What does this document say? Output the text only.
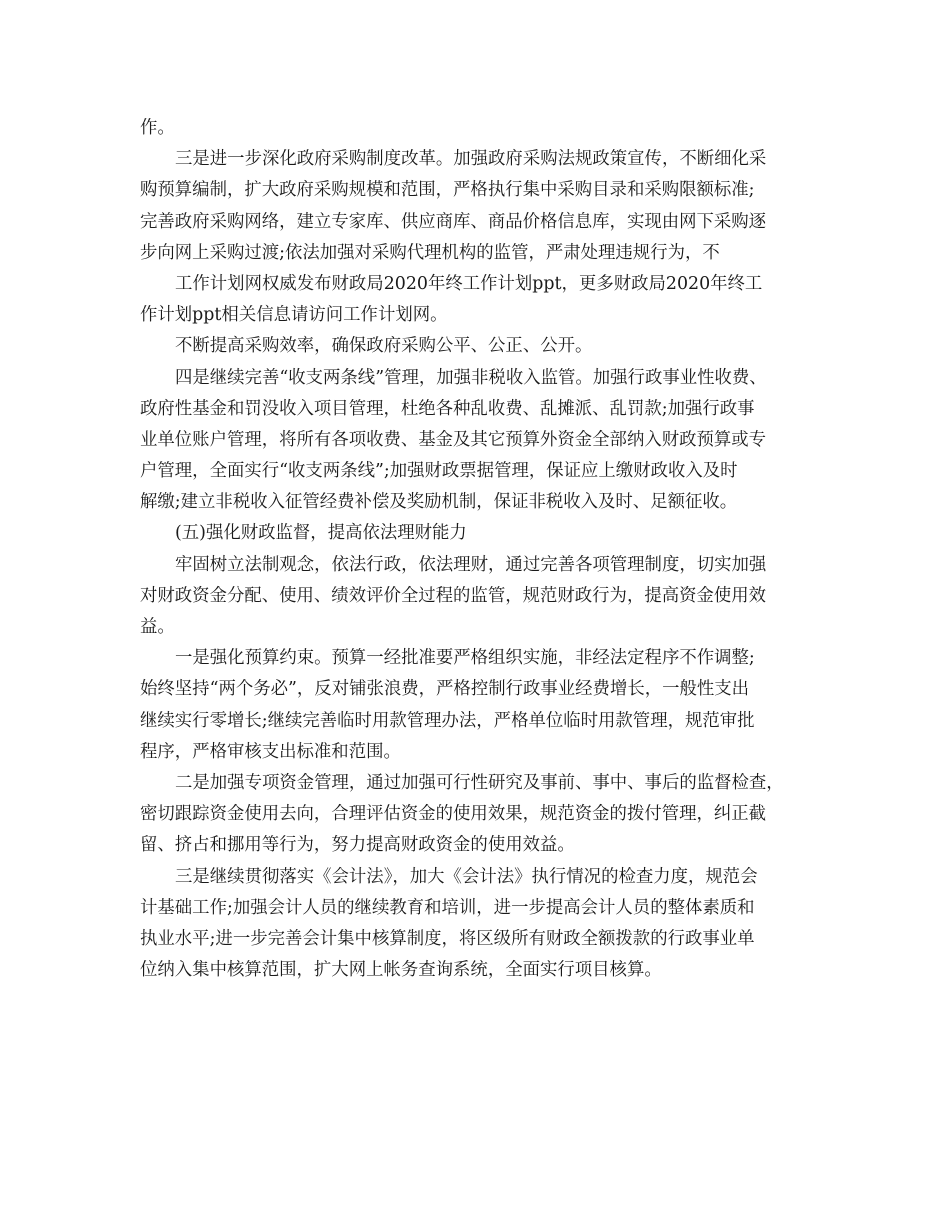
作。
三是进一步深化政府采购制度改革。加强政府采购法规政策宣传，不断细化采
购预算编制，扩大政府采购规模和范围，严格执行集中采购目录和采购限额标准;
完善政府采购网络，建立专家库、供应商库、商品价格信息库，实现由网下采购逐
步向网上采购过渡;依法加强对采购代理机构的监管，严肃处理违规行为，不
工作计划网权威发布财政局2020年终工作计划ppt，更多财政局2020年终工
作计划ppt相关信息请访问工作计划网。
不断提高采购效率，确保政府采购公平、公正、公开。
四是继续完善“收支两条线”管理，加强非税收入监管。加强行政事业性收费、
政府性基金和罚没收入项目管理，杜绝各种乱收费、乱摊派、乱罚款;加强行政事
业单位账户管理，将所有各项收费、基金及其它预算外资金全部纳入财政预算或专
户管理，全面实行“收支两条线”;加强财政票据管理，保证应上缴财政收入及时
解缴;建立非税收入征管经费补偿及奖励机制，保证非税收入及时、足额征收。
(五)强化财政监督，提高依法理财能力
牢固树立法制观念，依法行政，依法理财，通过完善各项管理制度，切实加强
对财政资金分配、使用、绩效评价全过程的监管，规范财政行为，提高资金使用效
益。
一是强化预算约束。预算一经批准要严格组织实施，非经法定程序不作调整;
始终坚持“两个务必”，反对铺张浪费，严格控制行政事业经费增长，一般性支出
继续实行零增长;继续完善临时用款管理办法，严格单位临时用款管理，规范审批
程序，严格审核支出标准和范围。
二是加强专项资金管理，通过加强可行性研究及事前、事中、事后的监督检查，
密切跟踪资金使用去向，合理评估资金的使用效果，规范资金的拨付管理，纠正截
留、挤占和挪用等行为，努力提高财政资金的使用效益。
三是继续贯彻落实《会计法》，加大《会计法》执行情况的检查力度，规范会
计基础工作;加强会计人员的继续教育和培训，进一步提高会计人员的整体素质和
执业水平;进一步完善会计集中核算制度，将区级所有财政全额拨款的行政事业单
位纳入集中核算范围，扩大网上帐务查询系统，全面实行项目核算。
